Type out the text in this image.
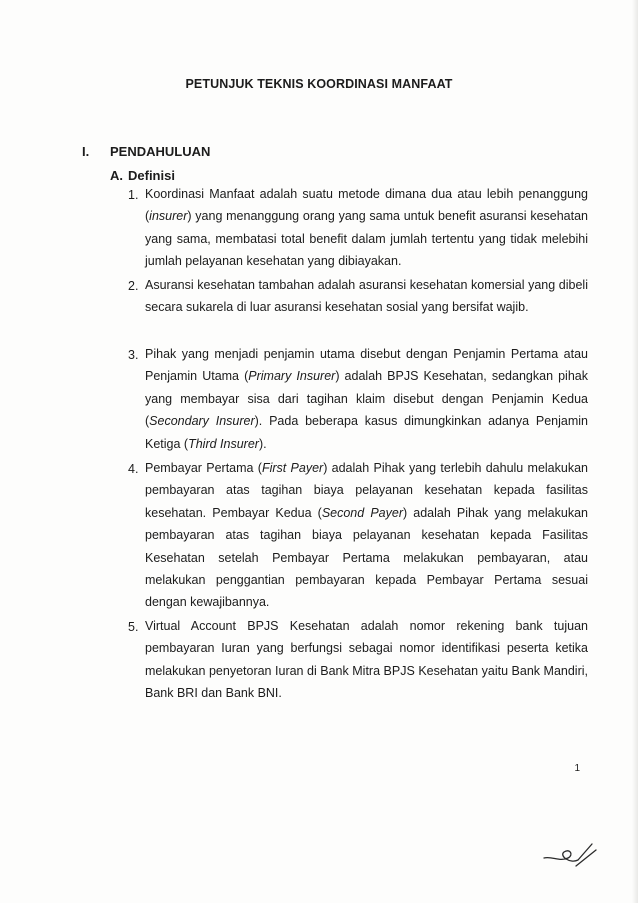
PETUNJUK TEKNIS KOORDINASI MANFAAT
I. PENDAHULUAN
A. Definisi
1. Koordinasi Manfaat adalah suatu metode dimana dua atau lebih penanggung (insurer) yang menanggung orang yang sama untuk benefit asuransi kesehatan yang sama, membatasi total benefit dalam jumlah tertentu yang tidak melebihi jumlah pelayanan kesehatan yang dibiayakan.
2. Asuransi kesehatan tambahan adalah asuransi kesehatan komersial yang dibeli secara sukarela di luar asuransi kesehatan sosial yang bersifat wajib.
3. Pihak yang menjadi penjamin utama disebut dengan Penjamin Pertama atau Penjamin Utama (Primary Insurer) adalah BPJS Kesehatan, sedangkan pihak yang membayar sisa dari tagihan klaim disebut dengan Penjamin Kedua (Secondary Insurer). Pada beberapa kasus dimungkinkan adanya Penjamin Ketiga (Third Insurer).
4. Pembayar Pertama (First Payer) adalah Pihak yang terlebih dahulu melakukan pembayaran atas tagihan biaya pelayanan kesehatan kepada fasilitas kesehatan. Pembayar Kedua (Second Payer) adalah Pihak yang melakukan pembayaran atas tagihan biaya pelayanan kesehatan kepada Fasilitas Kesehatan setelah Pembayar Pertama melakukan pembayaran, atau melakukan penggantian pembayaran kepada Pembayar Pertama sesuai dengan kewajibannya.
5. Virtual Account BPJS Kesehatan adalah nomor rekening bank tujuan pembayaran Iuran yang berfungsi sebagai nomor identifikasi peserta ketika melakukan penyetoran Iuran di Bank Mitra BPJS Kesehatan yaitu Bank Mandiri, Bank BRI dan Bank BNI.
1
